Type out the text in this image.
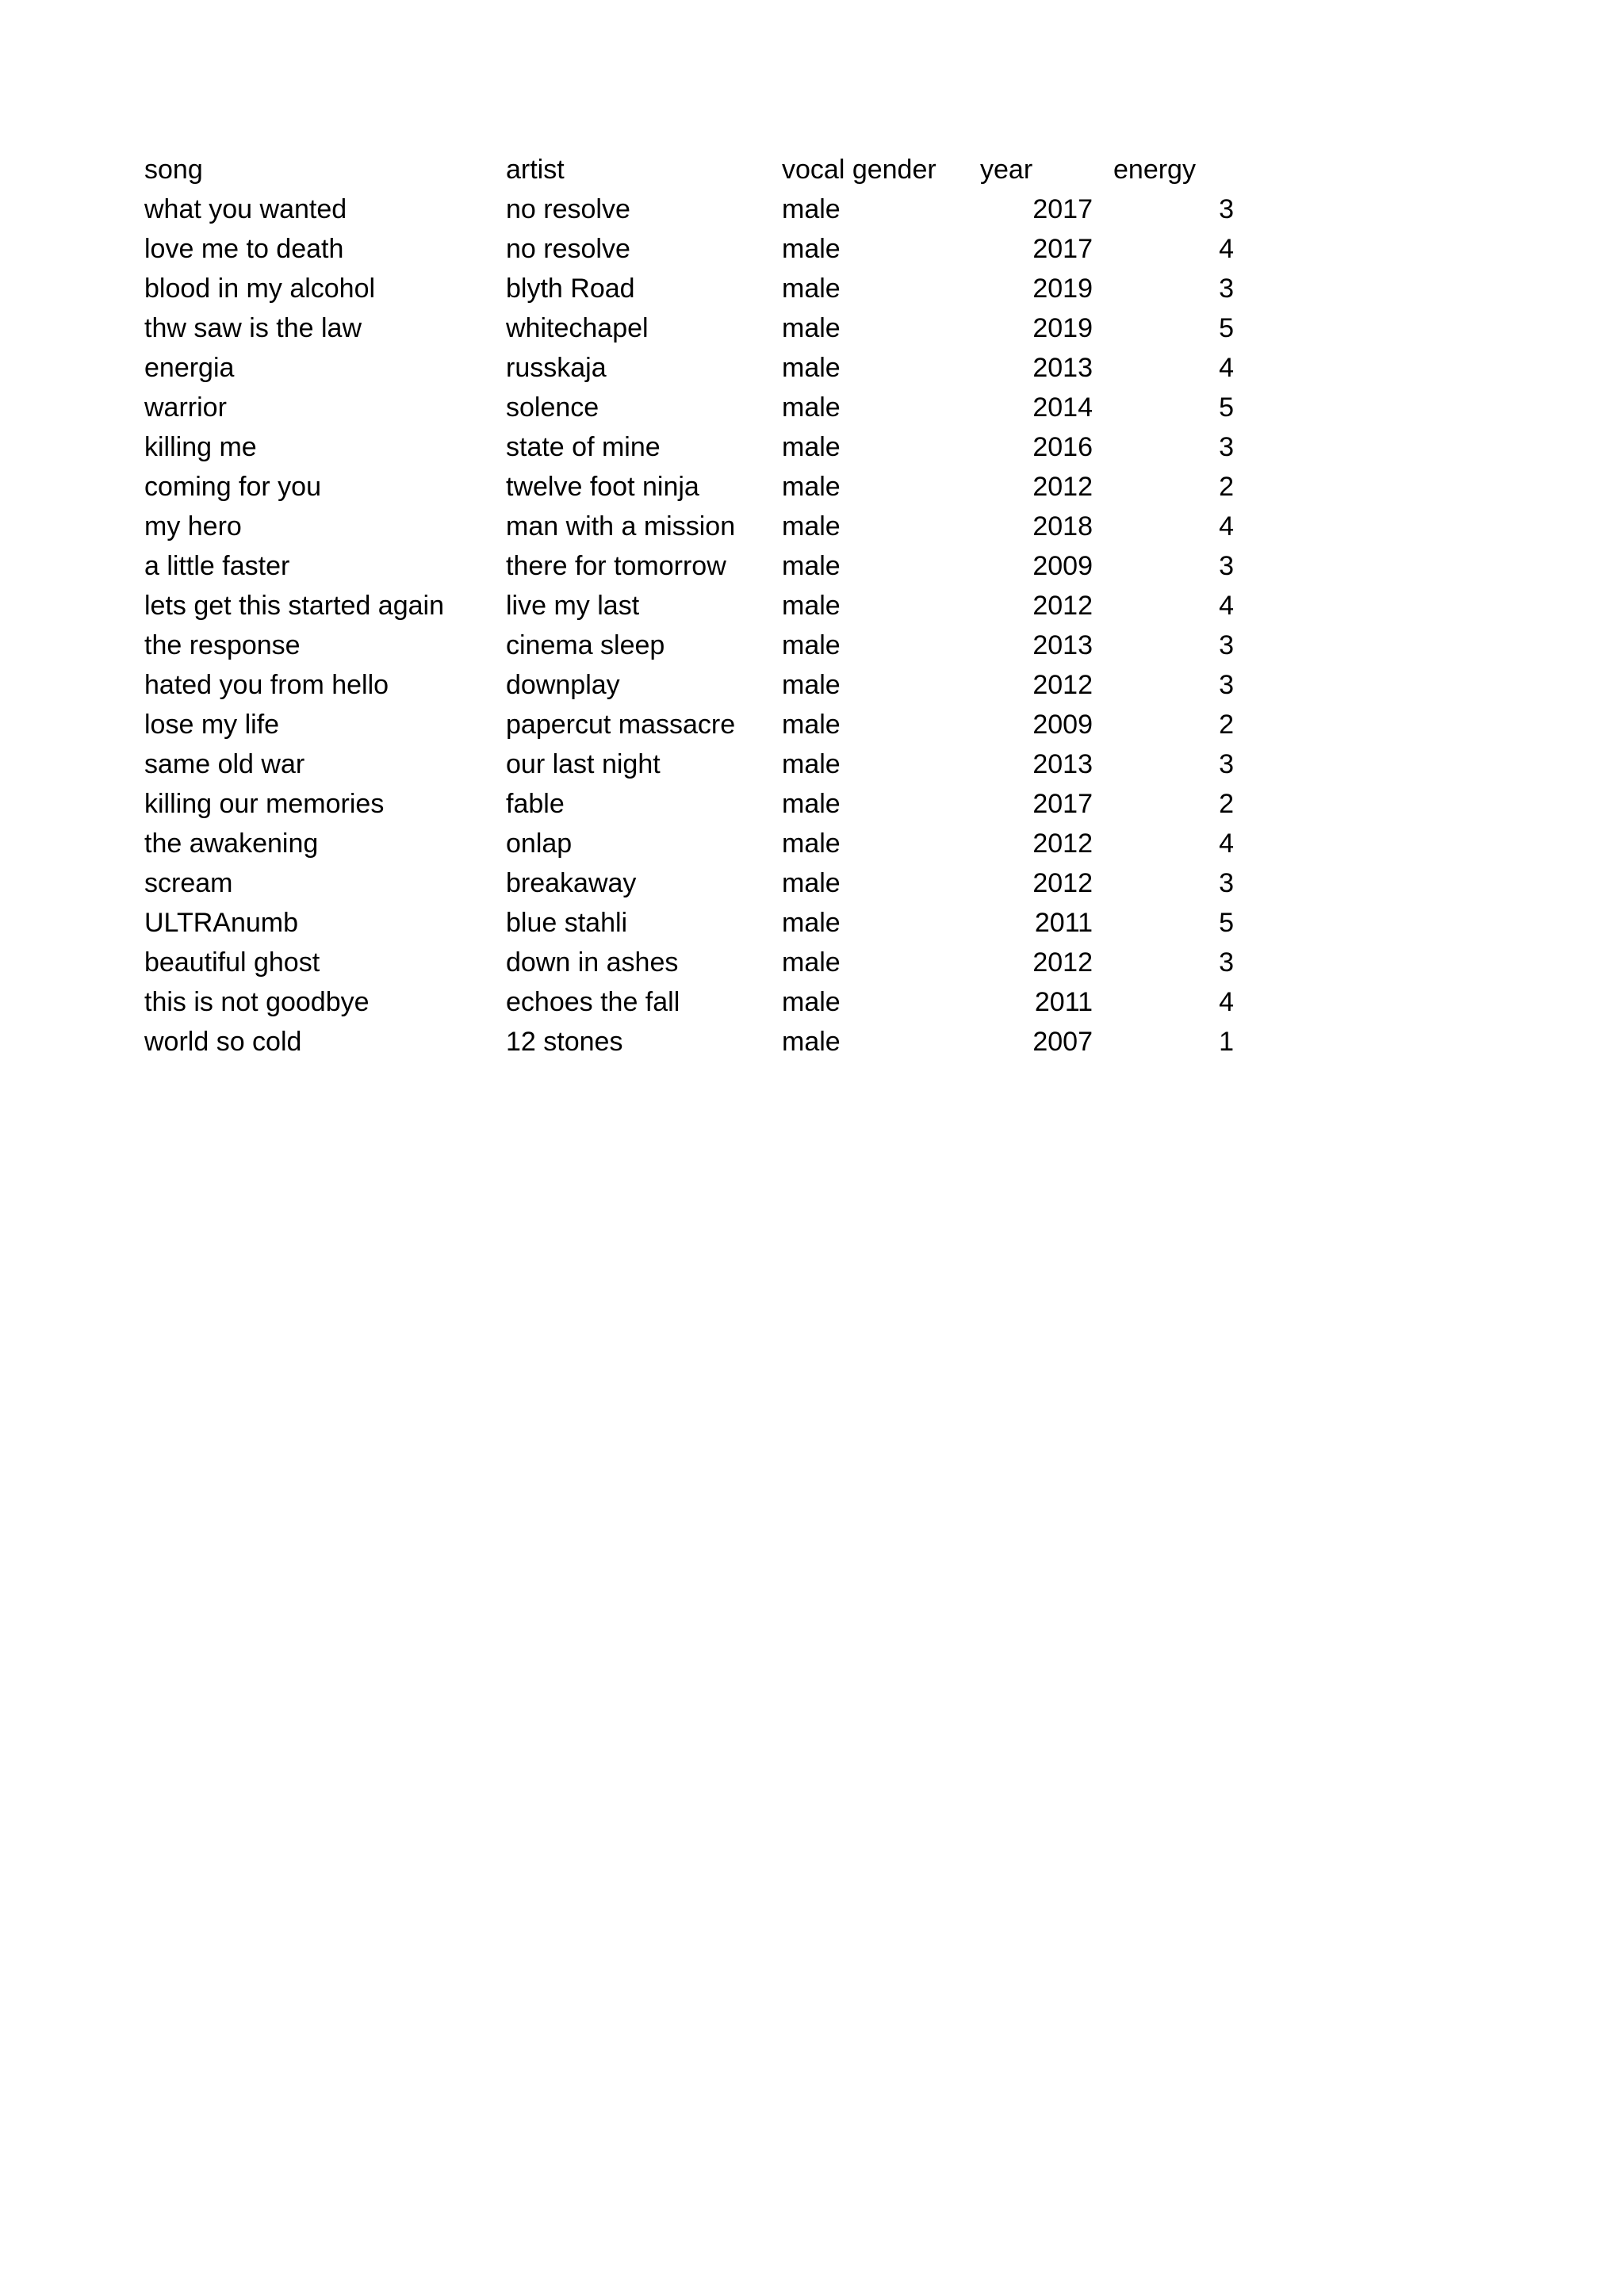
song	artist	vocal gender	year	energy
what you wanted	no resolve	male	2017	3
love me to death	no resolve	male	2017	4
blood in my alcohol	blyth Road	male	2019	3
thw saw is the law	whitechapel	male	2019	5
energia	russkaja	male	2013	4
warrior	solence	male	2014	5
killing me	state of mine	male	2016	3
coming for you	twelve foot ninja	male	2012	2
my hero	man with a mission	male	2018	4
a little faster	there for tomorrow	male	2009	3
lets get this started again	live my last	male	2012	4
the response	cinema sleep	male	2013	3
hated you from hello	downplay	male	2012	3
lose my life	papercut massacre	male	2009	2
same old war	our last night	male	2013	3
killing our memories	fable	male	2017	2
the awakening	onlap	male	2012	4
scream	breakaway	male	2012	3
ULTRAnumb	blue stahli	male	2011	5
beautiful ghost	down in ashes	male	2012	3
this is not goodbye	echoes the fall	male	2011	4
world so cold	12 stones	male	2007	1
